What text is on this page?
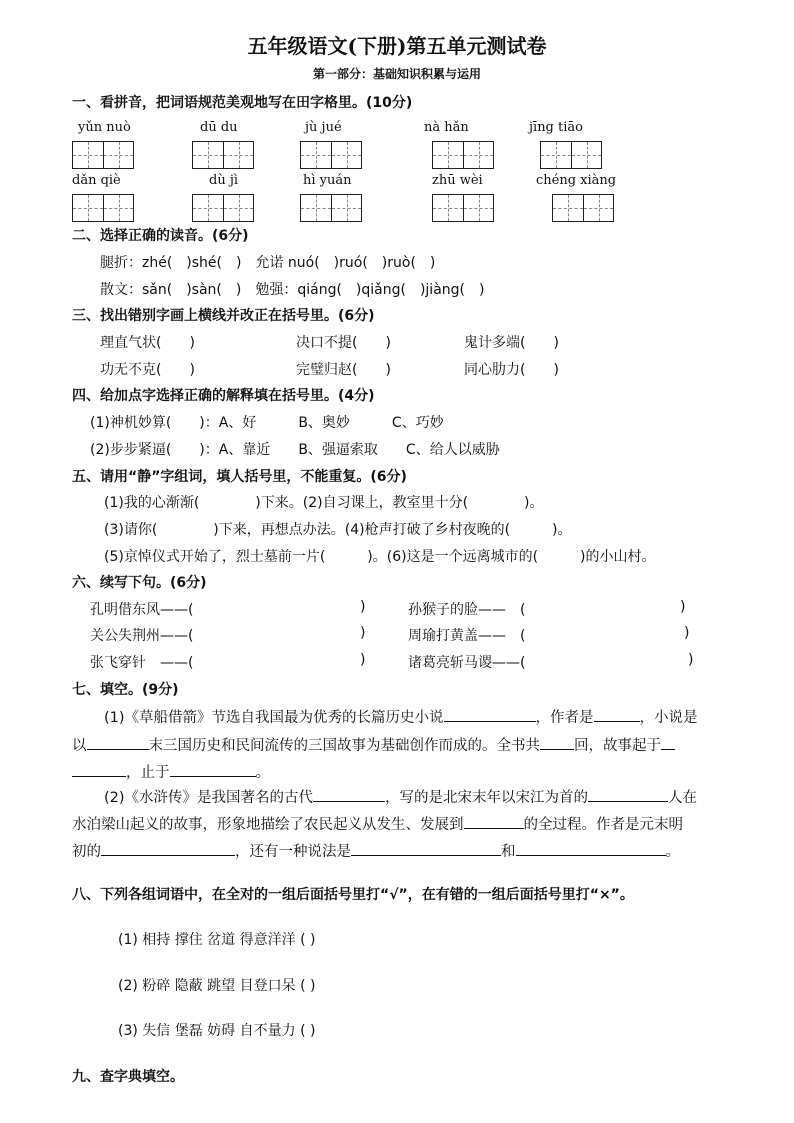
五年级语文(下册)第五单元测试卷
第一部分：基础知识积累与运用
一、看拼音，把词语规范美观地写在田字格里。(10分)
yǔn nuò	dū du	jù jué	nà hǎn	jīng tiāo
dǎn qiè	dù jì	hì yuán	zhū wèi	chéng xiàng
二、选择正确的读音。(6分)
腿折：zhé(　)shé(　)　允诺 nuó(　)ruó(　)ruò(　)
散文：sǎn(　)sàn(　)　勉强：qiáng(　)qiǎng(　)jiàng(　)
三、找出错别字画上横线并改正在括号里。(6分)
理直气状(　　)	决口不提(　　)	鬼计多端(　　)
功无不克(　　)	完璧归赵(　　)	同心肋力(　　)
四、给加点字选择正确的解释填在括号里。(4分)
(1)神机妙算(　　)：A、好　　　B、奥妙　　　C、巧妙
(2)步步紧逼(　　)：A、靠近　　B、强逼索取　　C、给人以威胁
五、请用“静”字组词，填人括号里，不能重复。(6分)
(1)我的心渐渐(　　　　)下来。(2)自习课上，教室里十分(　　　　)。
(3)请你(　　　　)下来，再想点办法。(4)枪声打破了乡村夜晚的(　　　)。
(5)京悼仪式开始了，烈士墓前一片(　　　)。(6)这是一个远离城市的(　　　)的小山村。
六、续写下句。(6分)
孔明借东风——(	)	孙猴子的脸——　(	)
关公失荆州——(	)	周瑜打黄盖——　(	)
张飞穿针　——(	)	诸葛亮斩马谡——(	)
七、填空。(9分)
(1)《草船借箭》节选自我国最为优秀的长篇历史小说	，作者是	，小说是
以	末三国历史和民间流传的三国故事为基础创作而成的。全书共 回，故事起于
，止于	。
(2)《水浒传》是我国著名的古代	，写的是北宋末年以宋江为首的	人在
水泊梁山起义的故事，形象地描绘了农民起义从发生、发展到	的全过程。作者是元末明
初的	，还有一种说法是	和	。
八、下列各组词语中，在全对的一组后面括号里打“√”，在有错的一组后面括号里打“×”。
(1) 相持 撑住 岔道 得意洋洋 ( )
(2) 粉碎 隐蔽 跳望 目登口呆 ( )
(3) 失信 堡磊 妨碍 自不量力 ( )
九、查字典填空。
